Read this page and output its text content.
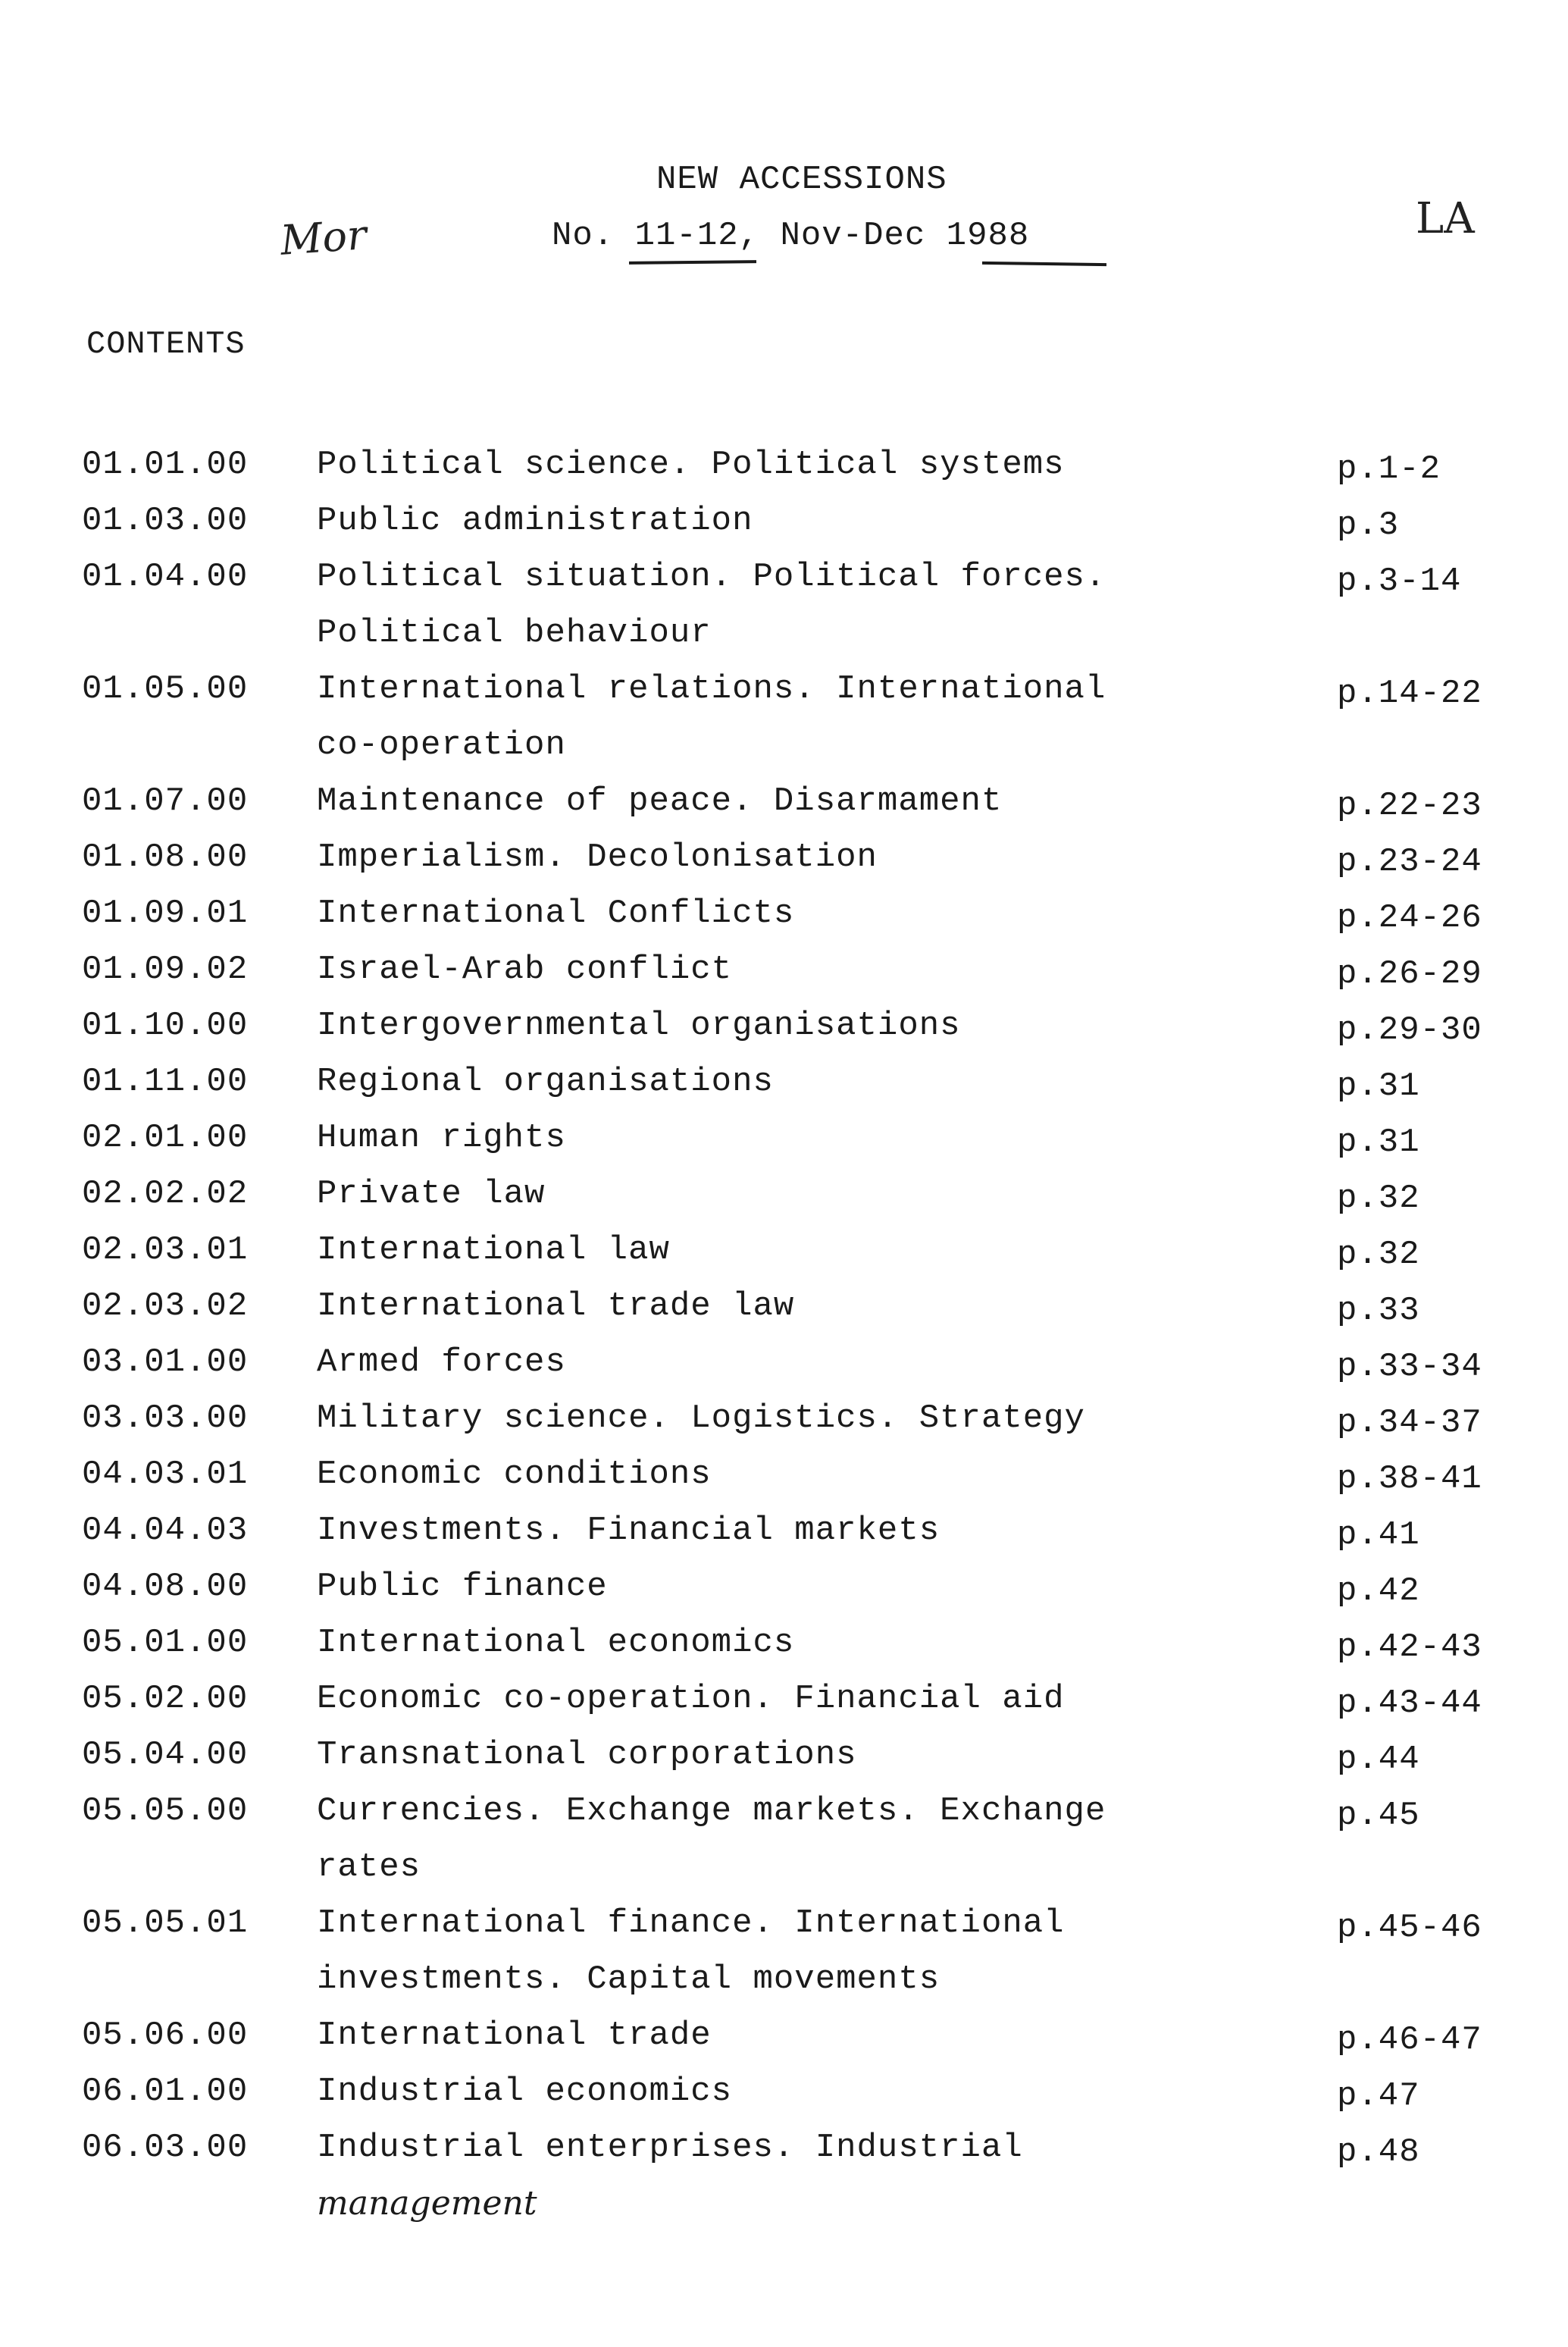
NEW ACCESSIONS
No. 11-12, Nov-Dec 1988
Mor	LA
CONTENTS
01.01.00 Political science. Political systems	p.1-2
01.03.00 Public administration	p.3
01.04.00 Political situation. Political forces.
Political behaviour
p.3-14
01.05.00 International relations. International
co-operation
p.14-22
01.07.00 Maintenance of peace. Disarmament	p.22-23
01.08.00 Imperialism. Decolonisation	p.23-24
01.09.01 International Conflicts	p.24-26
01.09.02 Israel-Arab conflict	p.26-29
01.10.00 Intergovernmental organisations	p.29-30
01.11.00 Regional organisations	p.31
02.01.00 Human rights	p.31
02.02.02 Private law	p.32
02.03.01 International law	p.32
02.03.02 International trade law	p.33
03.01.00 Armed forces	p.33-34
03.03.00 Military science. Logistics. Strategy	p.34-37
04.03.01 Economic conditions	p.38-41
04.04.03 Investments. Financial markets	p.41
04.08.00 Public finance	p.42
05.01.00 International economics	p.42-43
05.02.00 Economic co-operation. Financial aid	p.43-44
05.04.00 Transnational corporations	p.44
05.05.00 Currencies. Exchange markets. Exchange
rates
p.45
05.05.01 International finance. International
investments. Capital movements
p.45-46
05.06.00 International trade	p.46-47
06.01.00 Industrial economics	p.47
06.03.00 Industrial enterprises. Industrial
management
p.48
